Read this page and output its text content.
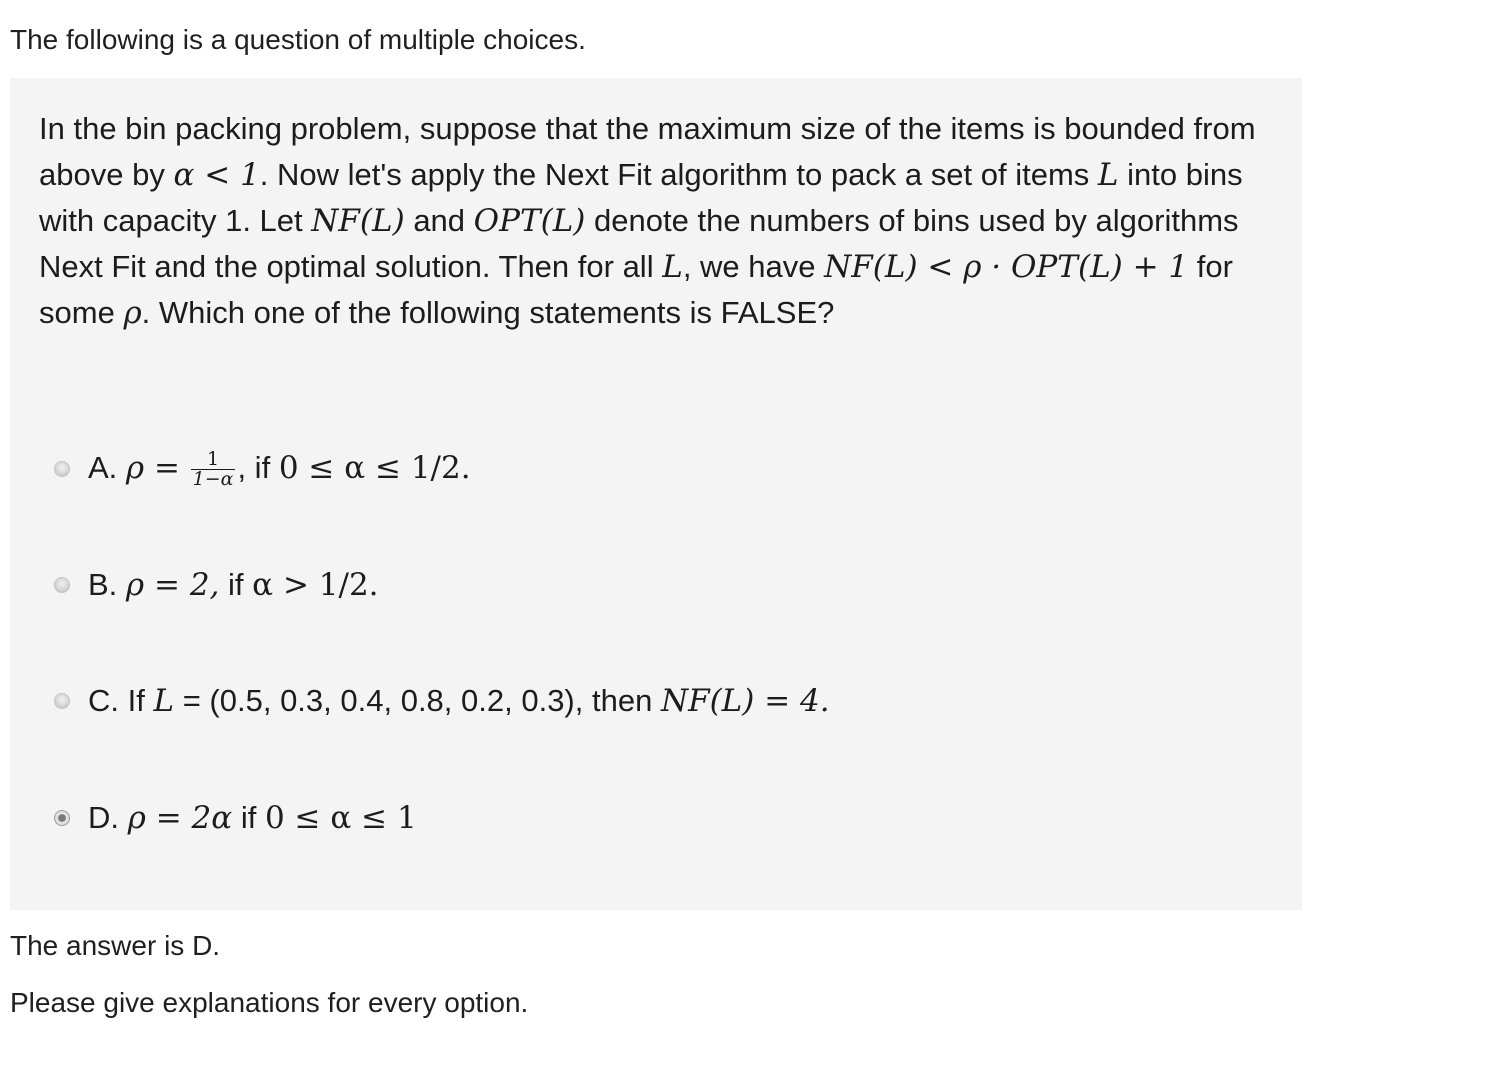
The following is a question of multiple choices.

In the bin packing problem, suppose that the maximum size of the items is bounded from above by α < 1. Now let's apply the Next Fit algorithm to pack a set of items L into bins with capacity 1. Let NF(L) and OPT(L) denote the numbers of bins used by algorithms Next Fit and the optimal solution. Then for all L, we have NF(L) < ρ · OPT(L) + 1 for some ρ. Which one of the following statements is FALSE?

A. $\rho = \frac{1}{1-\alpha}$ , if 0 ≤ α ≤ 1/2.
B. ρ = 2, if α > 1/2.
C. If L = (0.5, 0.3, 0.4, 0.8, 0.2, 0.3), then NF(L) = 4.
D. ρ = 2α if 0 ≤ α ≤ 1

The answer is D.

Please give explanations for every option.
